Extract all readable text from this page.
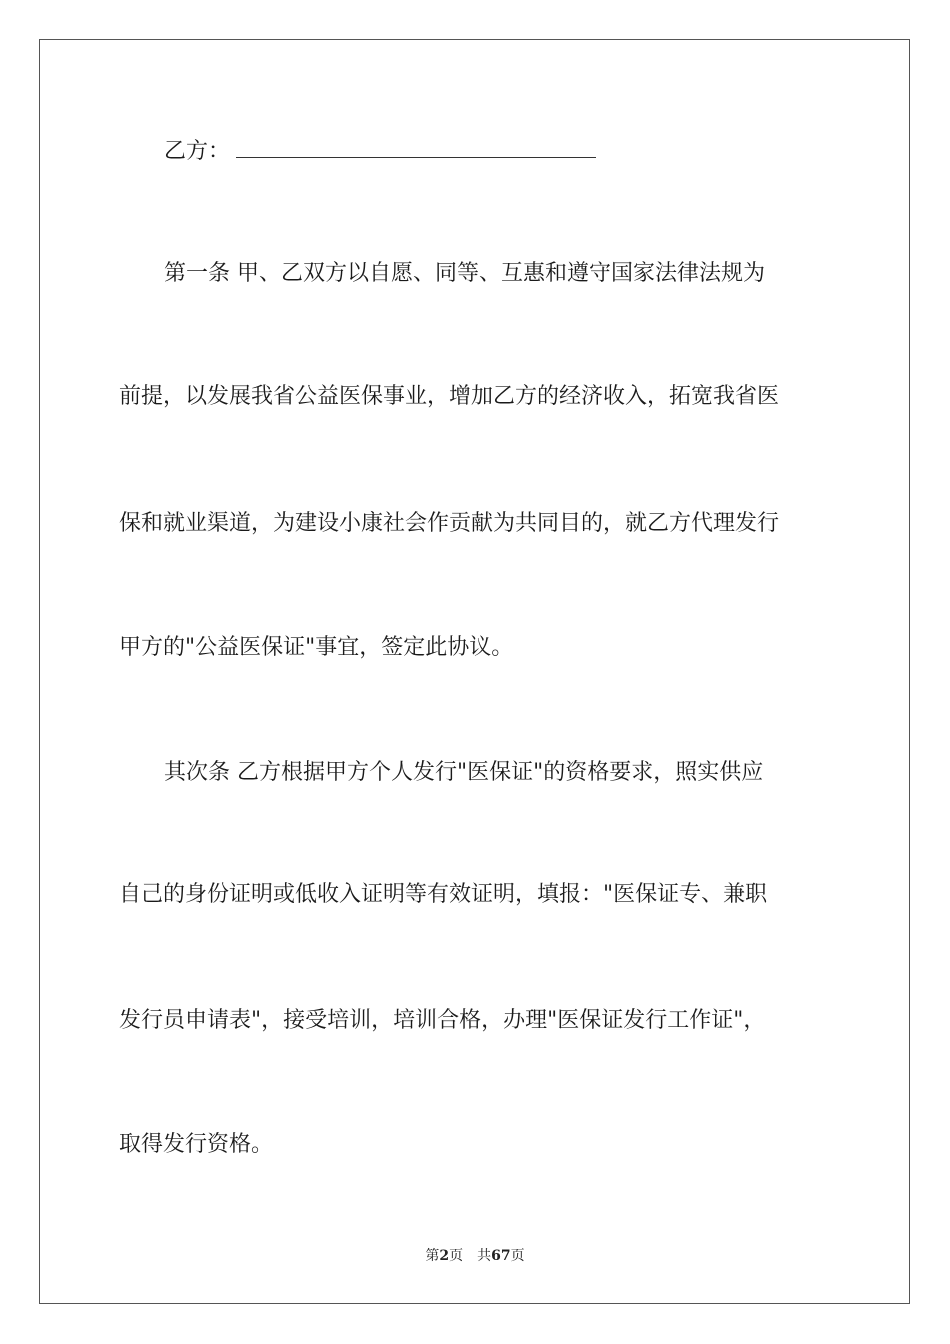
乙方：
第一条 甲、乙双方以自愿、同等、互惠和遵守国家法律法规为
前提，以发展我省公益医保事业，增加乙方的经济收入，拓宽我省医
保和就业渠道，为建设小康社会作贡献为共同目的，就乙方代理发行
甲方的"公益医保证"事宜，签定此协议。
其次条 乙方根据甲方个人发行"医保证"的资格要求，照实供应
自己的身份证明或低收入证明等有效证明，填报："医保证专、兼职
发行员申请表"，接受培训，培训合格，办理"医保证发行工作证"，
取得发行资格。
第2页 共67页
